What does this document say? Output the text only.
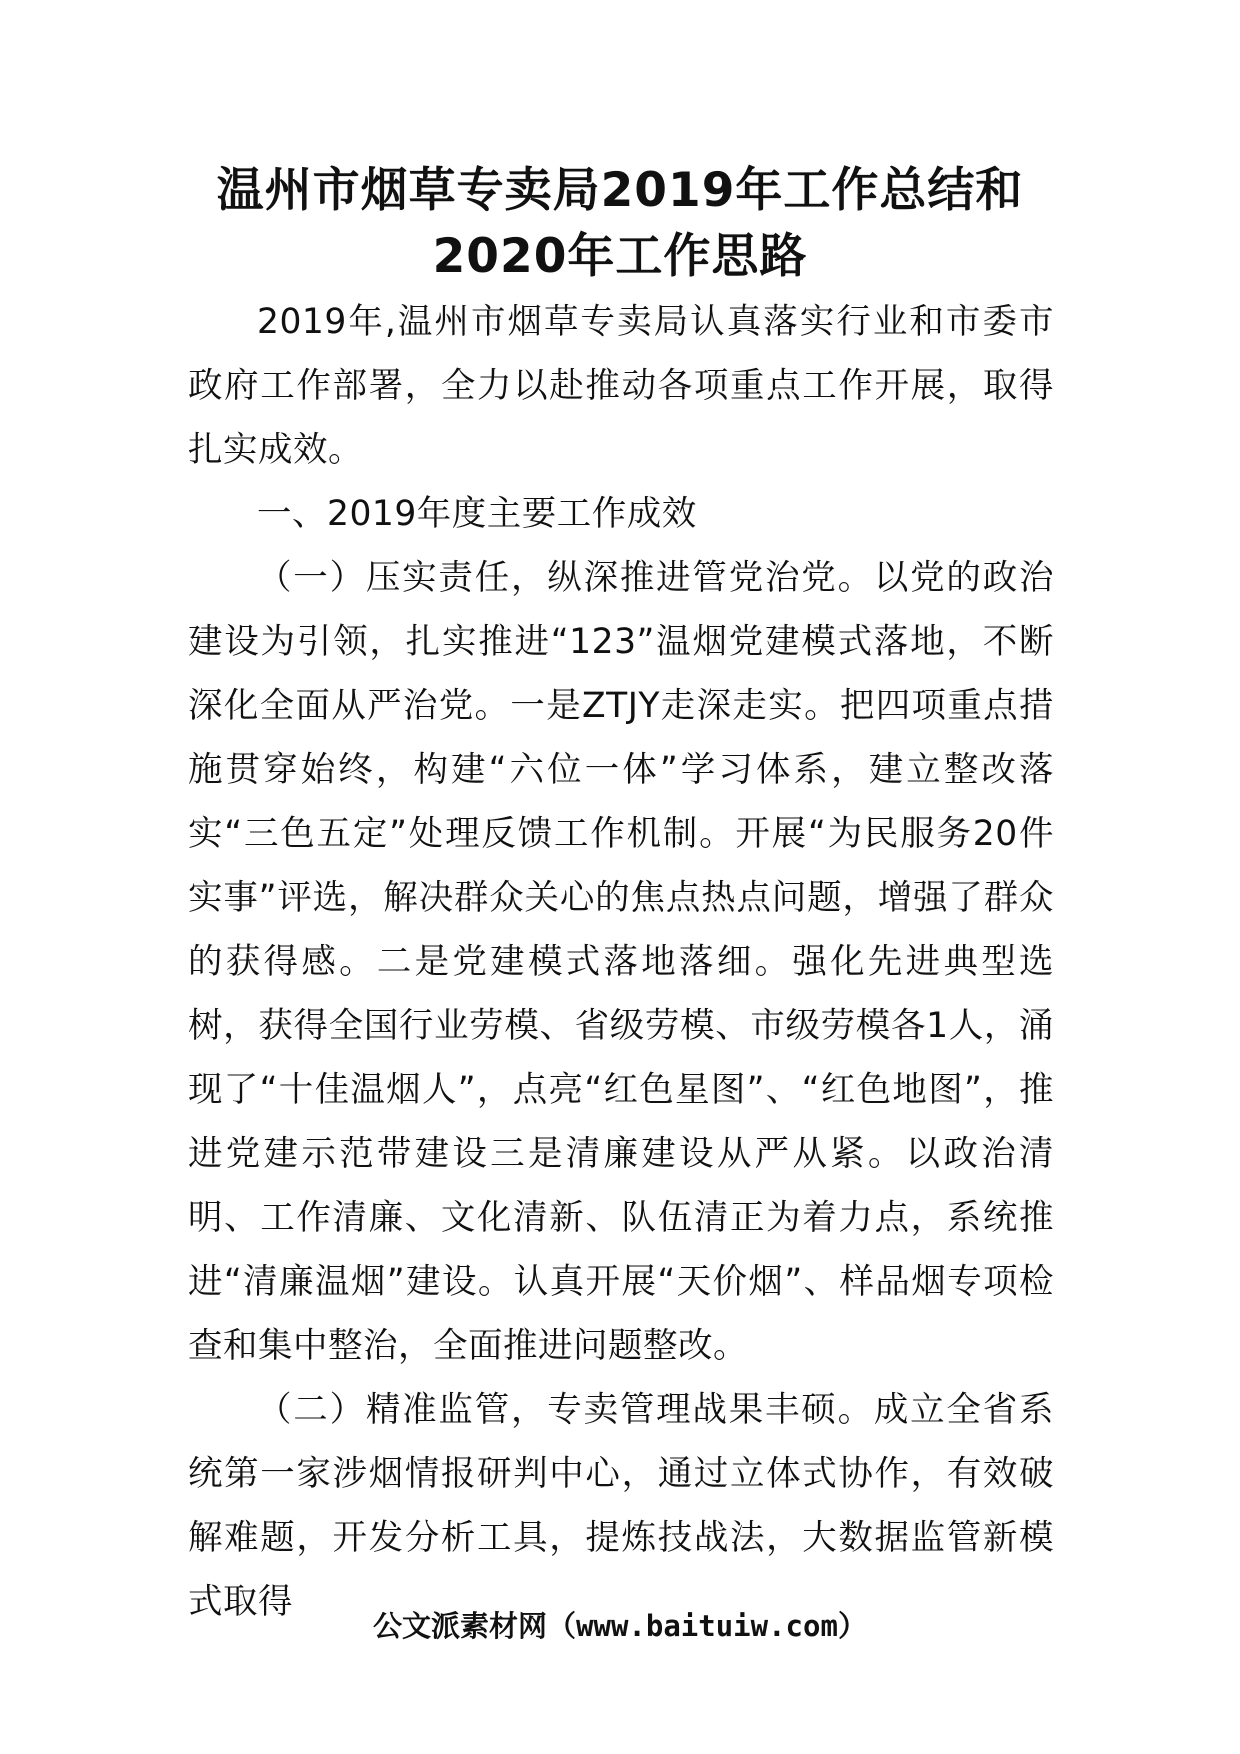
温州市烟草专卖局2019年工作总结和2020年工作思路

2019年,温州市烟草专卖局认真落实行业和市委市政府工作部署，全力以赴推动各项重点工作开展，取得扎实成效。

一、2019年度主要工作成效

（一）压实责任，纵深推进管党治党。以党的政治建设为引领，扎实推进“123”温烟党建模式落地，不断深化全面从严治党。一是ZTJY走深走实。把四项重点措施贯穿始终，构建“六位一体”学习体系，建立整改落实“三色五定”处理反馈工作机制。开展“为民服务20件实事”评选，解决群众关心的焦点热点问题，增强了群众的获得感。二是党建模式落地落细。强化先进典型选树，获得全国行业劳模、省级劳模、市级劳模各1人，涌现了“十佳温烟人”，点亮“红色星图”、“红色地图”，推进党建示范带建设三是清廉建设从严从紧。以政治清明、工作清廉、文化清新、队伍清正为着力点，系统推进“清廉温烟”建设。认真开展“天价烟”、样品烟专项检查和集中整治，全面推进问题整改。

（二）精准监管，专卖管理战果丰硕。成立全省系统第一家涉烟情报研判中心，通过立体式协作，有效破解难题，开发分析工具，提炼技战法，大数据监管新模式取得

公文派素材网（www.baituiw.com）
